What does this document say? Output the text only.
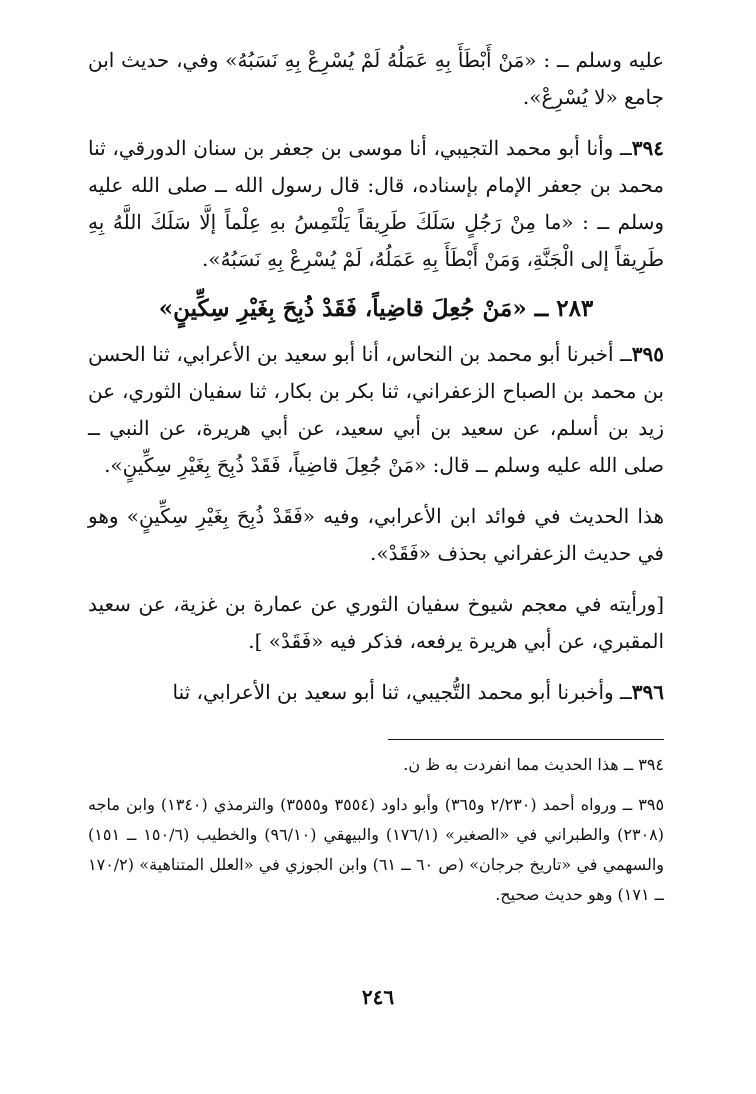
عليه وسلم ــ : «مَنْ أَبْطَأَ بِهِ عَمَلُهُ لَمْ يُسْرِعْ بِهِ نَسَبُهُ» وفي، حديث ابن جامع «لا يُسْرِعْ».

٣٩٤ــ وأنا أبو محمد التجيبي، أنا موسى بن جعفر بن سنان الدورقي، ثنا محمد بن جعفر الإمام بإسناده، قال: قال رسول الله ــ صلى الله عليه وسلم ــ : «ما مِنْ رَجُلٍ سَلَكَ طَرِيقاً يَلْتَمِسُ بهِ عِلْماً إلَّا سَلَكَ اللَّهُ بِهِ طَرِيقاً إلى الْجَنَّةِ، وَمَنْ أَبْطَأَ بِهِ عَمَلُهُ، لَمْ يُسْرِعْ بِهِ نَسَبُهُ».

٢٨٣ ــ «مَنْ جُعِلَ قاضِياً، فَقَدْ ذُبِحَ بِغَيْرِ سِكِّينٍ»

٣٩٥ــ أخبرنا أبو محمد بن النحاس، أنا أبو سعيد بن الأعرابي، ثنا الحسن بن محمد بن الصباح الزعفراني، ثنا بكر بن بكار، ثنا سفيان الثوري، عن زيد بن أسلم، عن سعيد بن أبي سعيد، عن أبي هريرة، عن النبي ــ صلى الله عليه وسلم ــ قال: «مَنْ جُعِلَ قاضِياً، فَقَدْ ذُبِحَ بِغَيْرِ سِكِّينٍ».

هذا الحديث في فوائد ابن الأعرابي، وفيه «فَقَدْ ذُبِحَ بِغَيْرِ سِكِّينٍ» وهو في حديث الزعفراني بحذف «فَقَدْ».

[ورأيته في معجم شيوخ سفيان الثوري عن عمارة بن غزية، عن سعيد المقبري، عن أبي هريرة يرفعه، فذكر فيه «فَقَدْ» ].

٣٩٦ــ وأخبرنا أبو محمد التُّجيبي، ثنا أبو سعيد بن الأعرابي، ثنا

٣٩٤ ــ هذا الحديث مما انفردت به ظ ن.

٣٩٥ ــ ورواه أحمد (٢/٢٣٠ و٣٦٥) وأبو داود (٣٥٥٤ و٣٥٥٥) والترمذي (١٣٤٠) وابن ماجه (٢٣٠٨) والطبراني في «الصغير» (١٧٦/١) والبيهقي (٩٦/١٠) والخطيب (١٥٠/٦ ــ ١٥١) والسهمي في «تاريخ جرجان» (ص ٦٠ ــ ٦١) وابن الجوزي في «العلل المتناهية» (١٧٠/٢ ــ ١٧١) وهو حديث صحيح.

٢٤٦
